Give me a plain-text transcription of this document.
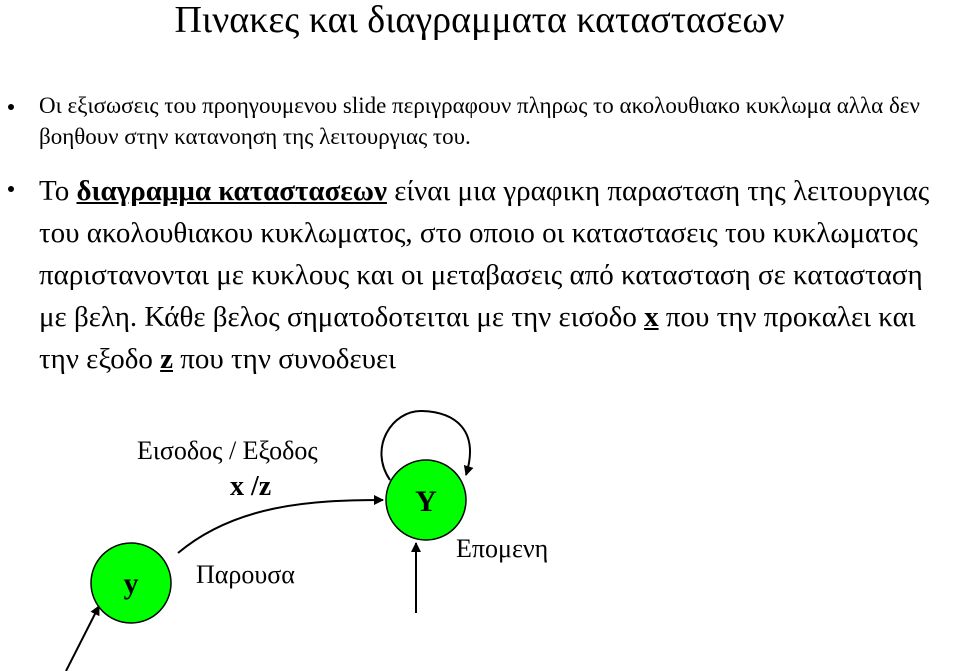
Πινακες και διαγραμματα καταστασεων
Οι εξισωσεις του προηγουμενου slide περιγραφουν πληρως το ακολουθιακο κυκλωμα αλλα δεν βοηθουν στην κατανοηση της λειτουργιας του.
Το διαγραμμα καταστασεων είναι μια γραφικη παρασταση της λειτουργιας του ακολουθιακου κυκλωματος, στο οποιο οι καταστασεις του κυκλωματος παριστανονται με κυκλους και οι μεταβασεις από κατασταση σε κατασταση με βελη. Κάθε βελος σηματοδοτειται με την εισοδο x που την προκαλει και την εξοδο z που την συνοδευει
y
Y
Εισοδος / Εξοδος
x /z
Παρουσα
Επομενη
